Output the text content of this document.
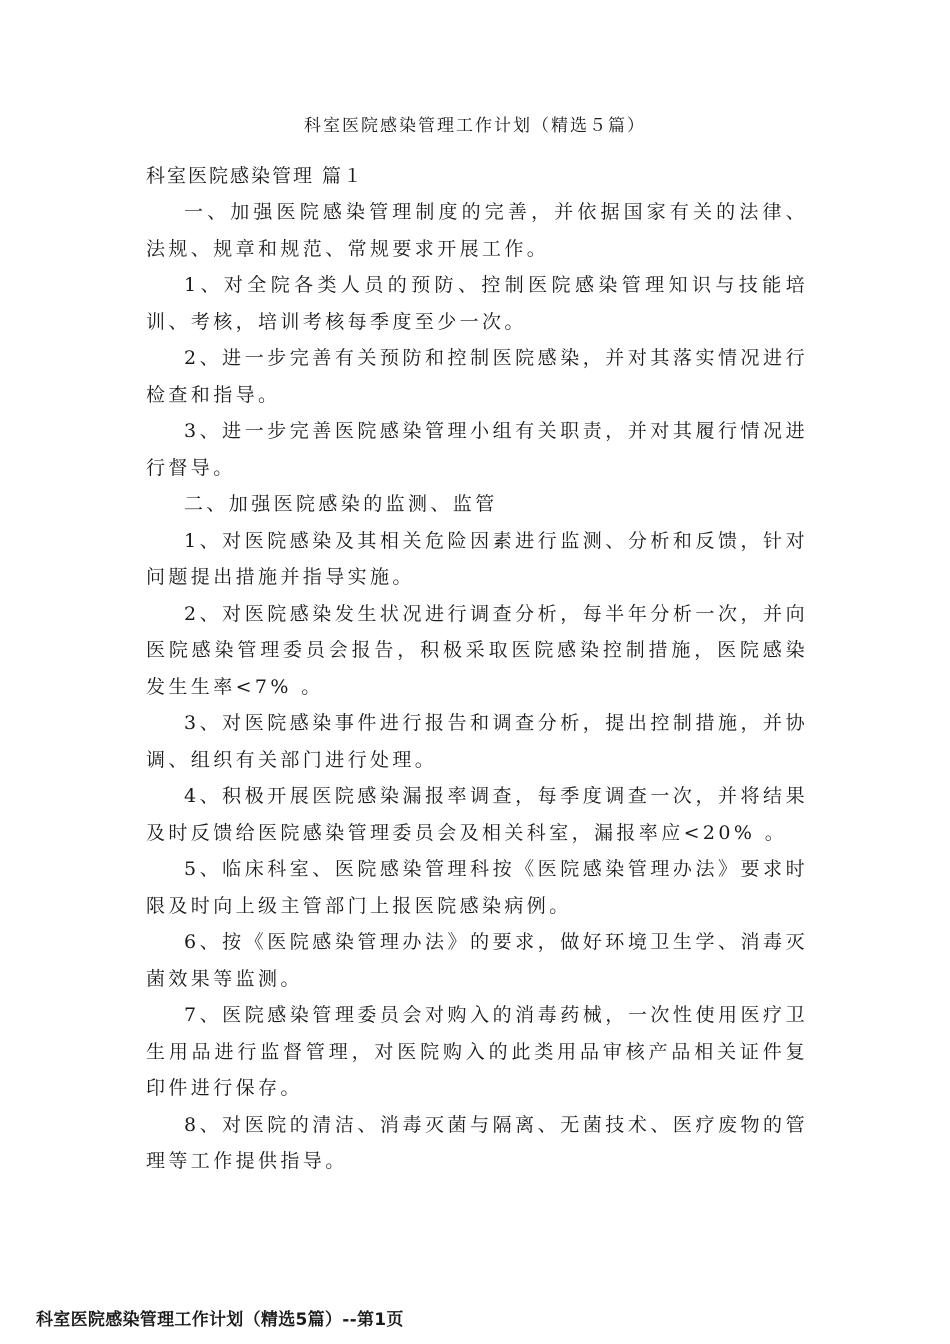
科室医院感染管理工作计划（精选５篇）

科室医院感染管理 篇１

一、加强医院感染管理制度的完善，并依据国家有关的法律、法规、规章和规范、常规要求开展工作。

1、对全院各类人员的预防、控制医院感染管理知识与技能培训、考核，培训考核每季度至少一次。

2、进一步完善有关预防和控制医院感染，并对其落实情况进行检查和指导。

3、进一步完善医院感染管理小组有关职责，并对其履行情况进行督导。

二、加强医院感染的监测、监管

1、对医院感染及其相关危险因素进行监测、分析和反馈，针对问题提出措施并指导实施。

2、对医院感染发生状况进行调查分析，每半年分析一次，并向医院感染管理委员会报告，积极采取医院感染控制措施，医院感染发生生率<7% 。

3、对医院感染事件进行报告和调查分析，提出控制措施，并协调、组织有关部门进行处理。

4、积极开展医院感染漏报率调查，每季度调查一次，并将结果及时反馈给医院感染管理委员会及相关科室，漏报率应<20% 。

5、临床科室、医院感染管理科按《医院感染管理办法》要求时限及时向上级主管部门上报医院感染病例。

6、按《医院感染管理办法》的要求，做好环境卫生学、消毒灭菌效果等监测。

7、医院感染管理委员会对购入的消毒药械，一次性使用医疗卫生用品进行监督管理，对医院购入的此类用品审核产品相关证件复印件进行保存。

8、对医院的清洁、消毒灭菌与隔离、无菌技术、医疗废物的管理等工作提供指导。

科室医院感染管理工作计划（精选5篇）--第1页
